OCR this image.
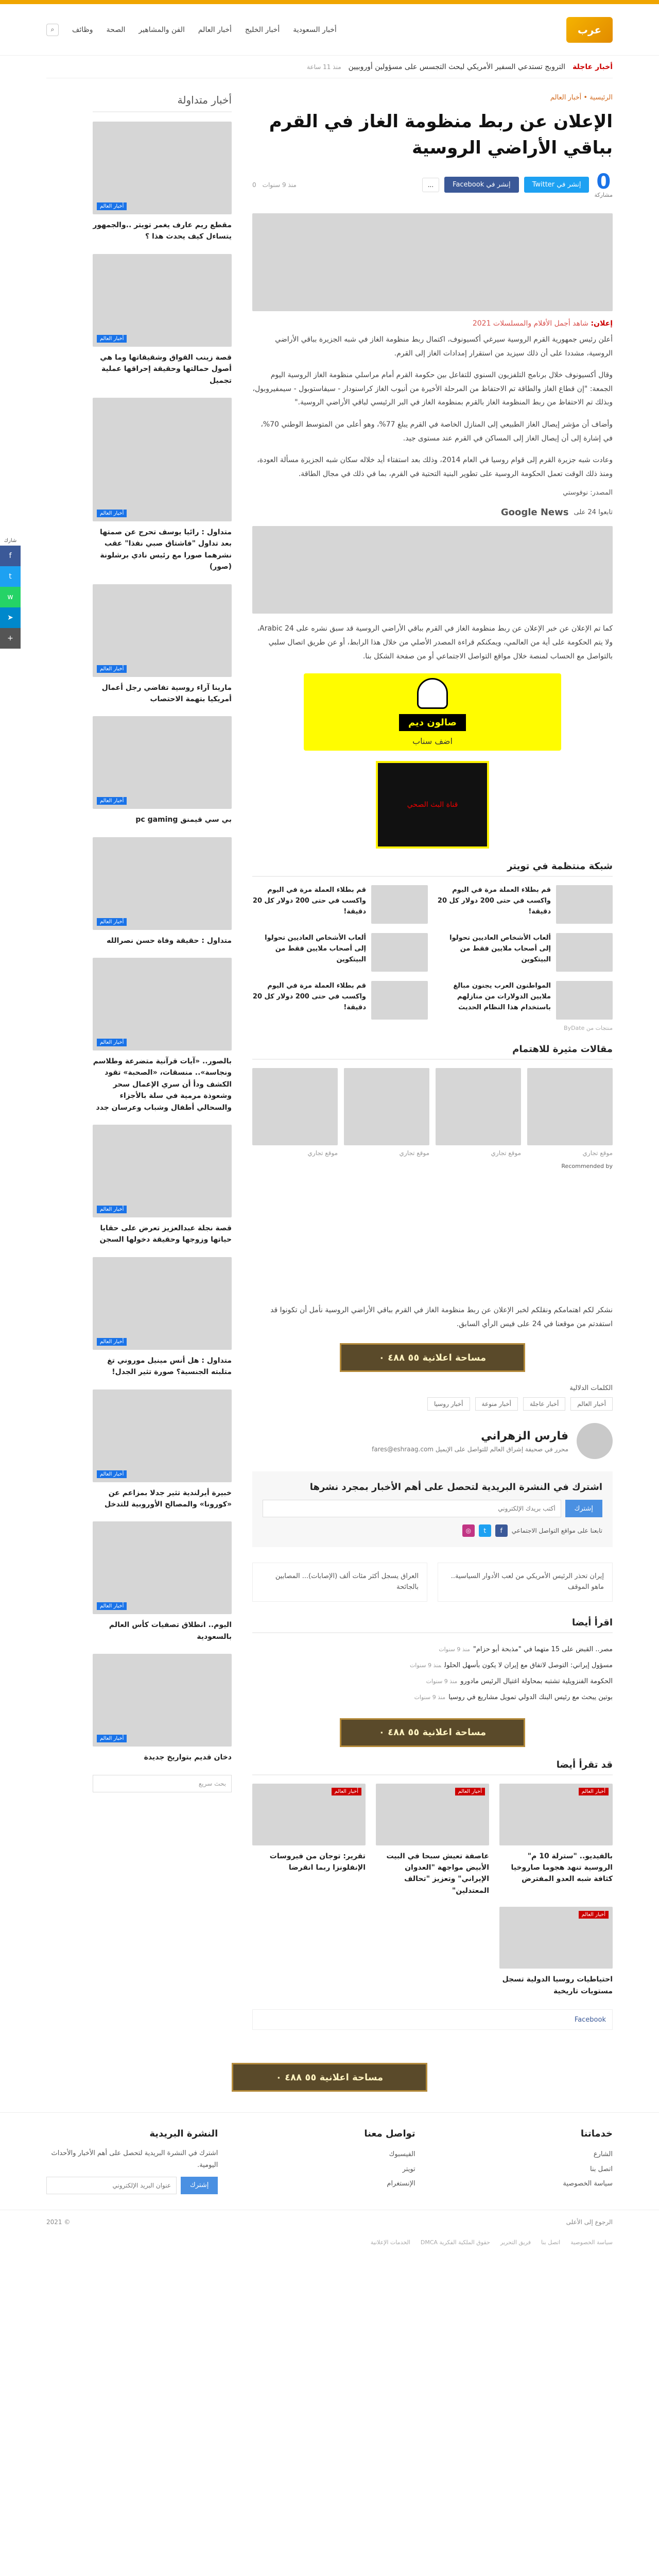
عرب
أخبار السعودية
أخبار الخليج
أخبار العالم
الفن والمشاهير
الصحة
وظائف
⌕
أخبار عاجلة
التروبج تستدعي السفير الأمريكي لبحث التجسس على مسؤولين أوروبيين
منذ 11 ساعة
شارك
f
t
w
➤
+
الرئيسية • أخبار العالم
الإعلان عن ربط منظومة الغاز في القرم بباقي الأراضي الروسية
0
مشاركة
إنشر في Twitter
إنشر في Facebook
...
منذ 9 سنوات
0
إعلان: شاهد أجمل الأفلام والمسلسلات 2021

أعلن رئيس جمهورية القرم الروسية سيرغي أكسيونوف، اكتمال ربط منظومة الغاز في شبه الجزيرة بباقي الأراضي الروسية، مشددا على أن ذلك سيزيد من استقرار إمدادات الغاز إلى القرم.

وقال أكسيونوف خلال برنامج التلفزيون السنوي للتفاعل بين حكومة القرم أمام مراسلي منظومة الغاز الروسية اليوم الجمعة: "إن قطاع الغاز والطاقة تم الاحتفاظ من المرحلة الأخيرة من أنبوب الغاز كراسنودار - سيفاستوبول - سيمفيروبول، وبذلك تم الاحتفاظ من ربط المنظومة الغاز بالقرم بمنظومة الغاز في البر الرئيسي لباقي الأراضي الروسية."

وأضاف أن مؤشر إيصال الغاز الطبيعي إلى المنازل الخاصة في القرم يبلغ 77%، وهو أعلى من المتوسط الوطني 70%، في إشارة إلى أن إيصال الغاز إلى المساكن في القرم عند مستوى جيد.

وعادت شبه جزيرة القرم إلى قوام روسيا في العام 2014، وذلك بعد استفتاء أيد خلاله سكان شبه الجزيرة مسألة العودة، ومنذ ذلك الوقت تعمل الحكومة الروسية على تطوير البنية التحتية في القرم، بما في ذلك في مجال الطاقة.

المصدر: نوفوستي
تابعوا 24 على
Google News

كما تم الإعلان عن خبر الإعلان عن ربط منظومة الغاز في القرم بباقي الأراضي الروسية قد سبق نشره على 24 Arabic، ولا يتم الحكومة على أية من العالمي، ويمكنكم قراءة المصدر الأصلي من خلال هذا الرابط، أو عن طريق اتصال سلبي بالتواصل مع الحساب لمنصة خلال مواقع التواصل الاجتماعي أو من صفحة الشكل بنا.

صالون ديم
اضف سناب
قناة البث الصحي
شبكة منتظمة في تويتر
قم بطلاء العملة مرة في اليوم واكسب في حتى 200 دولار كل 20 دقيقة!
قم بطلاء العملة مرة في اليوم واكسب في حتى 200 دولار كل 20 دقيقة!
ألعاب الأشخاص العاديين تحولوا إلى أصحاب ملايين فقط من البيتكوين
ألعاب الأشخاص العاديين تحولوا إلى أصحاب ملايين فقط من البيتكوين
المواطنون العرب يجنون مبالغ ملايين الدولارات من منازلهم باستخدام هذا النظام الحديث
قم بطلاء العملة مرة في اليوم واكسب في حتى 200 دولار كل 20 دقيقة!
منتجات من ByDate
مقالات مثيرة للاهتمام
موقع تجاري
موقع تجاري
موقع تجاري
موقع تجاري
Recommended by

نشكر لكم اهتمامكم ونقلكم لخبر الإعلان عن ربط منظومة الغاز في القرم بباقي الأراضي الروسية نأمل أن تكونوا قد استفدتم من موقعنا في 24 على فيس الرأي السابق.

مساحة اعلانية

٥٥ ٤٨٨ ٠
الكلمات الدلالية
أخبار العالم
أخبار عاجلة
أخبار منوعة
أخبار روسيا
فارس الزهراني
محرر في صحيفة إشراق العالم للتواصل على الإيميل fares@eshraag.com
اشترك في النشرة البريدية لتحصل على أهم الأخبار بمجرد نشرها
إشترك
أكتب بريدك الإلكتروني
تابعنا على مواقع التواصل الاجتماعي
f
t
◎
إيران تحذر الرئيس الأمريكي من لعب الأدوار السياسية.. ماهو الموقف
العراق يسجل أكثر مئات ألف (الإصابات)... المصابين بالجائحة
اقرأ أيضا
مصر.. القبض على 15 متهما في "مذبحة أبو حزام"منذ 9 سنوات
مسؤول إيراني: التوصل لاتفاق مع إيران لا يكون بأسهل الحلولمنذ 9 سنوات
الحكومة الفنزويلية تشتبه بمحاولة اغتيال الرئيس مادورومنذ 9 سنوات
بوتين يبحث مع رئيس البنك الدولي تمويل مشاريع في روسيامنذ 9 سنوات
مساحة اعلانية

٥٥ ٤٨٨ ٠
قد تقرأ أيضا
أخبار العالم
بالفيديو.. "سترلة 10 م" الروسية تنهد هجوما صاروخيا كثافة شبه العدو المفترض
أخبار العالم
عاصفة تعيش سبحا في البيت الأبيض مواجهة "العدوان الإيراني" وتعزيز "تحالف المعتدلين"
أخبار العالم
تقرير: توجان من فيروسات الإنفلونزا ربما انقرضا
أخبار العالم
احتياطيات روسيا الدولية تسجل مستويات تاريخية
Facebook
أخبار متداولة
أخبار العالم
مقطع ريم عارف يغمر تويتر ..والجمهور يتساءل كيف يحدث هذا ؟
أخبار العالم
قصة زينب القواق وشقيقاتها وما هي أصول حمالتها وحقيقة إحراقها عملية تجميل
أخبار العالم
متداول : رائيا يوسف تحرج عن صمتها بعد تداول "فاشتاق صبي نفذا" عقب نشرهما صورا مع رئيس نادي برشلونة (صور)
أخبار العالم
مارينا آراء روسية تفاضي رجل أعمال أمريكيا بتهمة الاحتصاب
أخبار العالم
بي سي قيمنق pc gaming
أخبار العالم
متداول : حقيقة وفاة حسن نصرالله
أخبار العالم
بالصور.. «آيات قرآنية متضرعة وطلاسم ونجاسة».. منسقات، «الصحبة» تقود الكشف ودأ أن سري الإعمال سحر وشعوذة مرمية في سلة بالأجزاء والسحالي أطفال وشباب وعرسان جدد
أخبار العالم
قصة نجلة عبدالعزيز تعرض على حقايا حياتها وزوجها وحقيقة دخولها السجن
أخبار العالم
متداول : هل أنس مينيل موروني تغ متلبته الجنسية؟ صورة تثير الجدل!
أخبار العالم
خبيرة أيرلندية تثير جدلا بمزاعم عن «كورونا» والمصالح الأوروبية للتدخل
أخبار العالم
اليوم.. انطلاق تصفيات كأس العالم بالسعودية
أخبار العالم
دخان قديم بتواريخ جديدة
بحث سريع
مساحة اعلانية

٥٥ ٤٨٨ ٠
خدماتنا
الشارع
اتصل بنا
سياسة الخصوصية
تواصل معنا
الفيسبوك
تويتر
الإنستغرام
النشرة البريدية

اشترك في النشرة البريدية لتحصل على أهم الأخبار والأحداث اليومية.

إشترك
عنوان البريد الإلكتروني
الرجوع إلى الأعلى
© 2021
سياسة الخصوصية
اتصل بنا
فريق التحرير
حقوق الملكية الفكرية DMCA
الخدمات الإعلانية
